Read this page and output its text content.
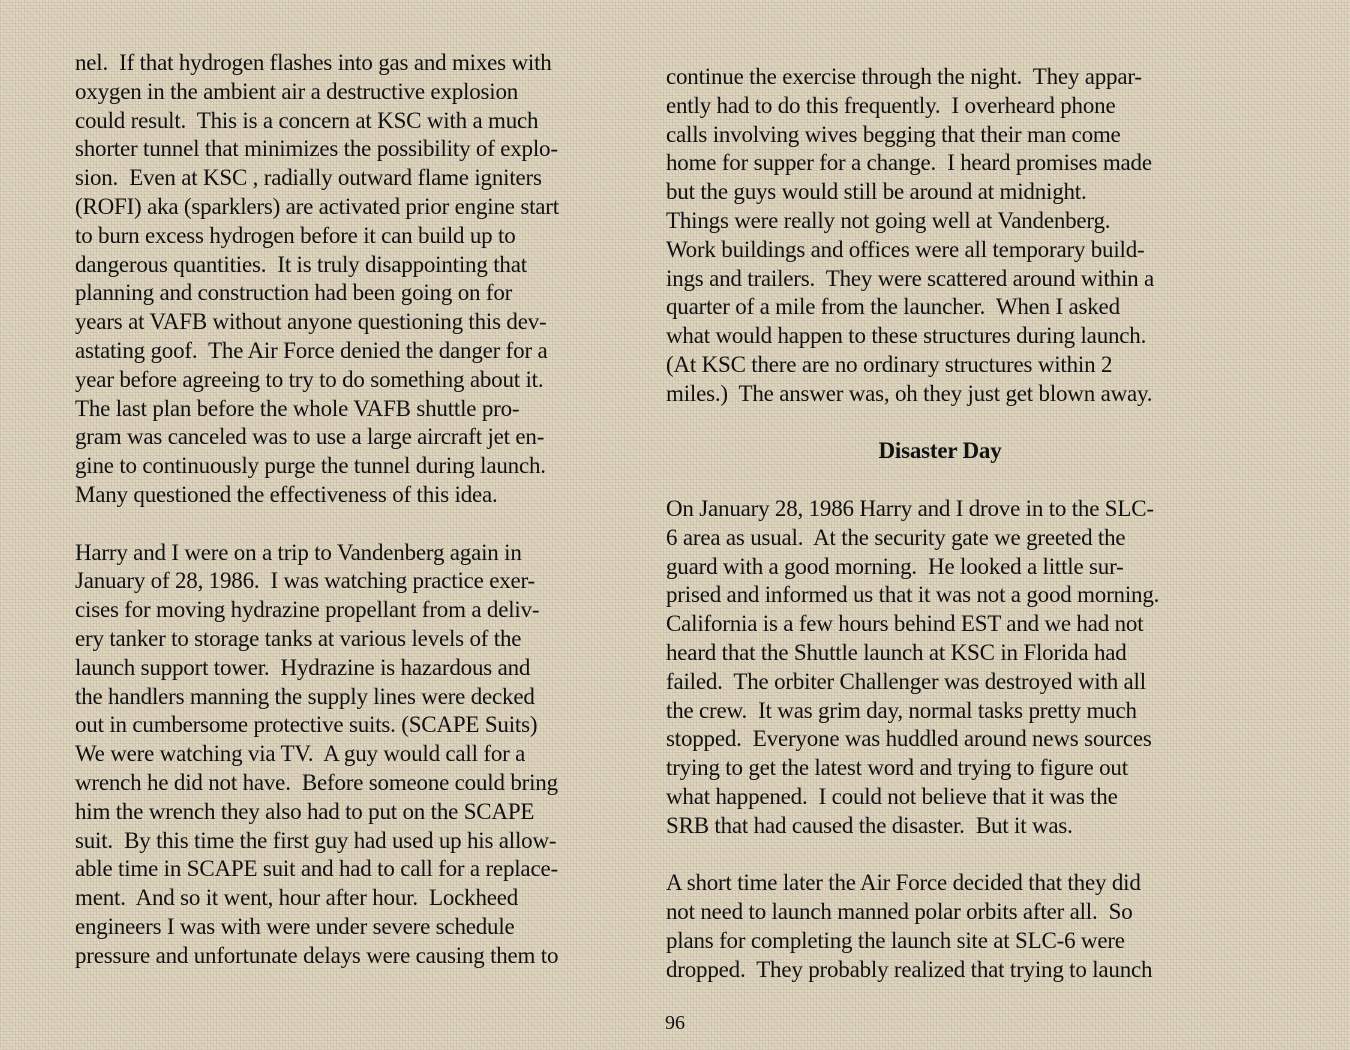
nel.  If that hydrogen flashes into gas and mixes with
oxygen in the ambient air a destructive explosion
could result.  This is a concern at KSC with a much
shorter tunnel that minimizes the possibility of explo-
sion.  Even at KSC , radially outward flame igniters
(ROFI) aka (sparklers) are activated prior engine start
to burn excess hydrogen before it can build up to
dangerous quantities.  It is truly disappointing that
planning and construction had been going on for
years at VAFB without anyone questioning this dev-
astating goof.  The Air Force denied the danger for a
year before agreeing to try to do something about it.
The last plan before the whole VAFB shuttle pro-
gram was canceled was to use a large aircraft jet en-
gine to continuously purge the tunnel during launch.
Many questioned the effectiveness of this idea.
Harry and I were on a trip to Vandenberg again in
January of 28, 1986.  I was watching practice exer-
cises for moving hydrazine propellant from a deliv-
ery tanker to storage tanks at various levels of the
launch support tower.  Hydrazine is hazardous and
the handlers manning the supply lines were decked
out in cumbersome protective suits. (SCAPE Suits)
We were watching via TV.  A guy would call for a
wrench he did not have.  Before someone could bring
him the wrench they also had to put on the SCAPE
suit.  By this time the first guy had used up his allow-
able time in SCAPE suit and had to call for a replace-
ment.  And so it went, hour after hour.  Lockheed
engineers I was with were under severe schedule
pressure and unfortunate delays were causing them to
continue the exercise through the night.  They appar-
ently had to do this frequently.  I overheard phone
calls involving wives begging that their man come
home for supper for a change.  I heard promises made
but the guys would still be around at midnight.
Things were really not going well at Vandenberg.
Work buildings and offices were all temporary build-
ings and trailers.  They were scattered around within a
quarter of a mile from the launcher.  When I asked
what would happen to these structures during launch.
(At KSC there are no ordinary structures within 2
miles.)  The answer was, oh they just get blown away.
Disaster Day
On January 28, 1986 Harry and I drove in to the SLC-
6 area as usual.  At the security gate we greeted the
guard with a good morning.  He looked a little sur-
prised and informed us that it was not a good morning.
California is a few hours behind EST and we had not
heard that the Shuttle launch at KSC in Florida had
failed.  The orbiter Challenger was destroyed with all
the crew.  It was grim day, normal tasks pretty much
stopped.  Everyone was huddled around news sources
trying to get the latest word and trying to figure out
what happened.  I could not believe that it was the
SRB that had caused the disaster.  But it was.
A short time later the Air Force decided that they did
not need to launch manned polar orbits after all.  So
plans for completing the launch site at SLC-6 were
dropped.  They probably realized that trying to launch
96
